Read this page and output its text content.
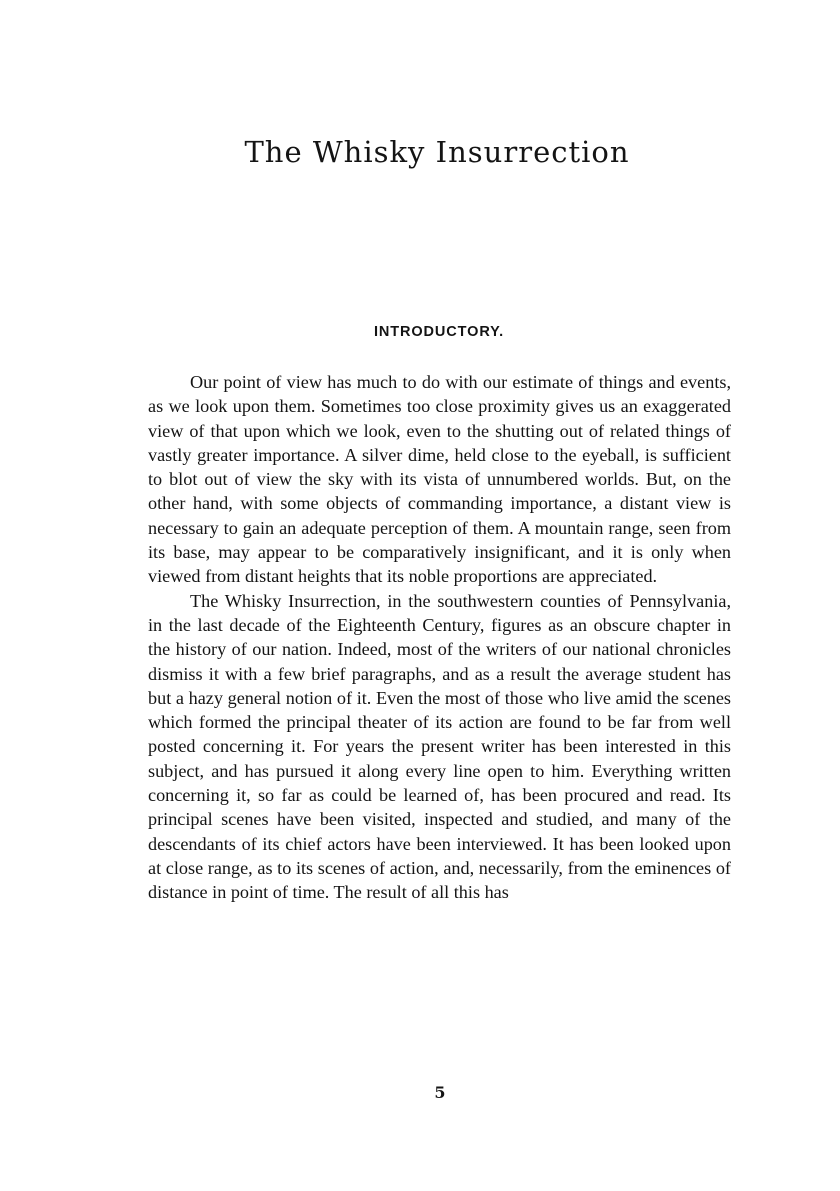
The Whisky Insurrection
INTRODUCTORY.

Our point of view has much to do with our estimate of things and events, as we look upon them. Sometimes too close proximity gives us an exaggerated view of that upon which we look, even to the shutting out of related things of vastly greater importance. A silver dime, held close to the eyeball, is sufficient to blot out of view the sky with its vista of unnumbered worlds. But, on the other hand, with some objects of commanding importance, a distant view is necessary to gain an adequate perception of them. A mountain range, seen from its base, may appear to be comparatively insignificant, and it is only when viewed from distant heights that its noble proportions are appreciated.

The Whisky Insurrection, in the southwestern counties of Pennsylvania, in the last decade of the Eighteenth Century, figures as an obscure chapter in the history of our nation. Indeed, most of the writers of our national chronicles dismiss it with a few brief paragraphs, and as a result the average student has but a hazy general notion of it. Even the most of those who live amid the scenes which formed the principal theater of its action are found to be far from well posted concerning it. For years the present writer has been interested in this subject, and has pursued it along every line open to him. Everything written concerning it, so far as could be learned of, has been procured and read. Its principal scenes have been visited, inspected and studied, and many of the descendants of its chief actors have been interviewed. It has been looked upon at close range, as to its scenes of action, and, necessarily, from the eminences of distance in point of time. The result of all this has

5
